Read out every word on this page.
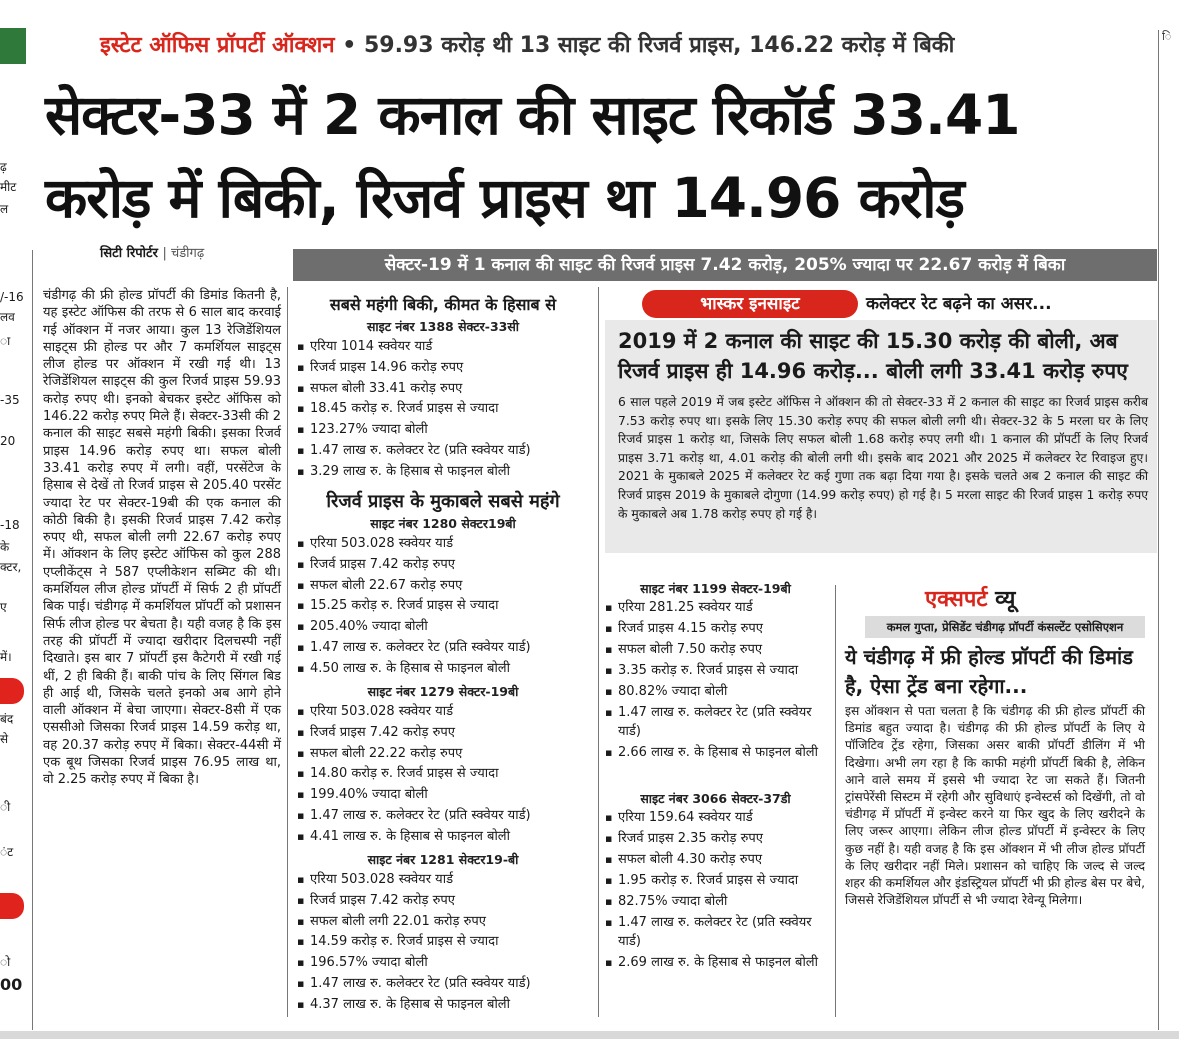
ढ़
मीट
ल
/-16
लव
ा
-35
20
-18
के
क्टर,
ए
में।
बंद
से
ी
ंट
ो
00
ि
इस्टेट ऑफिस प्रॉपर्टी ऑक्शन • 59.93 करोड़ थी 13 साइट की रिजर्व प्राइस, 146.22 करोड़ में बिकी
सेक्टर-33 में 2 कनाल की साइट रिकॉर्ड 33.41
करोड़ में बिकी, रिजर्व प्राइस था 14.96 करोड़
सिटी रिपोर्टर | चंडीगढ़
सेक्टर-19 में 1 कनाल की साइट की रिजर्व प्राइस 7.42 करोड़, 205% ज्यादा पर 22.67 करोड़ में बिका
चंडीगढ़ की फ्री होल्ड प्रॉपर्टी की डिमांड कितनी है, यह इस्टेट ऑफिस की तरफ से 6 साल बाद करवाई गई ऑक्शन में नजर आया। कुल 13 रेजिडेंशियल साइट्स फ्री होल्ड पर और 7 कमर्शियल साइट्स लीज होल्ड पर ऑक्शन में रखी गई थी। 13 रेजिडेंशियल साइट्स की कुल रिजर्व प्राइस 59.93 करोड़ रुपए थी। इनको बेचकर इस्टेट ऑफिस को 146.22 करोड़ रुपए मिले हैं। सेक्टर-33सी की 2 कनाल की साइट सबसे महंगी बिकी। इसका रिजर्व प्राइस 14.96 करोड़ रुपए था। सफल बोली 33.41 करोड़ रुपए में लगी। वहीं, परसेंटेज के हिसाब से देखें तो रिजर्व प्राइस से 205.40 परसेंट ज्यादा रेट पर सेक्टर-19बी की एक कनाल की कोठी बिकी है। इसकी रिजर्व प्राइस 7.42 करोड़ रुपए थी, सफल बोली लगी 22.67 करोड़ रुपए में। ऑक्शन के लिए इस्टेट ऑफिस को कुल 288 एप्लीकेंट्स ने 587 एप्लीकेशन सब्मिट की थी। कमर्शियल लीज होल्ड प्रॉपर्टी में सिर्फ 2 ही प्रॉपर्टी बिक पाई। चंडीगढ़ में कमर्शियल प्रॉपर्टी को प्रशासन सिर्फ लीज होल्ड पर बेचता है। यही वजह है कि इस तरह की प्रॉपर्टी में ज्यादा खरीदार दिलचस्पी नहीं दिखाते। इस बार 7 प्रॉपर्टी इस कैटेगरी में रखी गई थीं, 2 ही बिकी हैं। बाकी पांच के लिए सिंगल बिड ही आई थी, जिसके चलते इनको अब आगे होने वाली ऑक्शन में बेचा जाएगा। सेक्टर-8सी में एक एससीओ जिसका रिजर्व प्राइस 14.59 करोड़ था, वह 20.37 करोड़ रुपए में बिका। सेक्टर-44सी में एक बूथ जिसका रिजर्व प्राइस 76.95 लाख था, वो 2.25 करोड़ रुपए में बिका है।
सबसे महंगी बिकी, कीमत के हिसाब से
साइट नंबर 1388 सेक्टर-33सी
▪ एरिया 1014 स्क्वेयर यार्ड
▪ रिजर्व प्राइस 14.96 करोड़ रुपए
▪ सफल बोली 33.41 करोड़ रुपए
▪ 18.45 करोड़ रु. रिजर्व प्राइस से ज्यादा
▪ 123.27% ज्यादा बोली
▪ 1.47 लाख रु. कलेक्टर रेट (प्रति स्क्वेयर यार्ड)
▪ 3.29 लाख रु. के हिसाब से फाइनल बोली
रिजर्व प्राइस के मुकाबले सबसे महंगे
साइट नंबर 1280 सेक्टर19बी
▪ एरिया 503.028 स्क्वेयर यार्ड
▪ रिजर्व प्राइस 7.42 करोड़ रुपए
▪ सफल बोली 22.67 करोड़ रुपए
▪ 15.25 करोड़ रु. रिजर्व प्राइस से ज्यादा
▪ 205.40% ज्यादा बोली
▪ 1.47 लाख रु. कलेक्टर रेट (प्रति स्क्वेयर यार्ड)
▪ 4.50 लाख रु. के हिसाब से फाइनल बोली
साइट नंबर 1279 सेक्टर-19बी
▪ एरिया 503.028 स्क्वेयर यार्ड
▪ रिजर्व प्राइस 7.42 करोड़ रुपए
▪ सफल बोली 22.22 करोड़ रुपए
▪ 14.80 करोड़ रु. रिजर्व प्राइस से ज्यादा
▪ 199.40% ज्यादा बोली
▪ 1.47 लाख रु. कलेक्टर रेट (प्रति स्क्वेयर यार्ड)
▪ 4.41 लाख रु. के हिसाब से फाइनल बोली
साइट नंबर 1281 सेक्टर19-बी
▪ एरिया 503.028 स्क्वेयर यार्ड
▪ रिजर्व प्राइस 7.42 करोड़ रुपए
▪ सफल बोली लगी 22.01 करोड़ रुपए
▪ 14.59 करोड़ रु. रिजर्व प्राइस से ज्यादा
▪ 196.57% ज्यादा बोली
▪ 1.47 लाख रु. कलेक्टर रेट (प्रति स्क्वेयर यार्ड)
▪ 4.37 लाख रु. के हिसाब से फाइनल बोली
भास्कर इनसाइट	कलेक्टर रेट बढ़ने का असर...
2019 में 2 कनाल की साइट की 15.30 करोड़ की बोली, अब रिजर्व प्राइस ही 14.96 करोड़... बोली लगी 33.41 करोड़ रुपए
6 साल पहले 2019 में जब इस्टेट ऑफिस ने ऑक्शन की तो सेक्टर-33 में 2 कनाल की साइट का रिजर्व प्राइस करीब 7.53 करोड़ रुपए था। इसके लिए 15.30 करोड़ रुपए की सफल बोली लगी थी। सेक्टर-32 के 5 मरला घर के लिए रिजर्व प्राइस 1 करोड़ था, जिसके लिए सफल बोली 1.68 करोड़ रुपए लगी थी। 1 कनाल की प्रॉपर्टी के लिए रिजर्व प्राइस 3.71 करोड़ था, 4.01 करोड़ की बोली लगी थी। इसके बाद 2021 और 2025 में कलेक्टर रेट रिवाइज हुए। 2021 के मुकाबले 2025 में कलेक्टर रेट कई गुणा तक बढ़ा दिया गया है। इसके चलते अब 2 कनाल की साइट की रिजर्व प्राइस 2019 के मुकाबले दोगुणा (14.99 करोड़ रुपए) हो गई है। 5 मरला साइट की रिजर्व प्राइस 1 करोड़ रुपए के मुकाबले अब 1.78 करोड़ रुपए हो गई है।
साइट नंबर 1199 सेक्टर-19बी
▪ एरिया 281.25 स्क्वेयर यार्ड
▪ रिजर्व प्राइस 4.15 करोड़ रुपए
▪ सफल बोली 7.50 करोड़ रुपए
▪ 3.35 करोड़ रु. रिजर्व प्राइस से ज्यादा
▪ 80.82% ज्यादा बोली
▪ 1.47 लाख रु. कलेक्टर रेट (प्रति स्क्वेयर यार्ड)
▪ 2.66 लाख रु. के हिसाब से फाइनल बोली
साइट नंबर 3066 सेक्टर-37डी
▪ एरिया 159.64 स्क्वेयर यार्ड
▪ रिजर्व प्राइस 2.35 करोड़ रुपए
▪ सफल बोली 4.30 करोड़ रुपए
▪ 1.95 करोड़ रु. रिजर्व प्राइस से ज्यादा
▪ 82.75% ज्यादा बोली
▪ 1.47 लाख रु. कलेक्टर रेट (प्रति स्क्वेयर यार्ड)
▪ 2.69 लाख रु. के हिसाब से फाइनल बोली
एक्सपर्ट व्यू
कमल गुप्ता, प्रेसिडेंट चंडीगढ़ प्रॉपर्टी कंसल्टेंट एसोसिएशन
ये चंडीगढ़ में फ्री होल्ड प्रॉपर्टी की डिमांड है, ऐसा ट्रेंड बना रहेगा...
इस ऑक्शन से पता चलता है कि चंडीगढ़ की फ्री होल्ड प्रॉपर्टी की डिमांड बहुत ज्यादा है। चंडीगढ़ की फ्री होल्ड प्रॉपर्टी के लिए ये पॉजिटिव ट्रेंड रहेगा, जिसका असर बाकी प्रॉपर्टी डीलिंग में भी दिखेगा। अभी लग रहा है कि काफी महंगी प्रॉपर्टी बिकी है, लेकिन आने वाले समय में इससे भी ज्यादा रेट जा सकते हैं। जितनी ट्रांसपेरेंसी सिस्टम में रहेगी और सुविधाएं इन्वेस्टर्स को दिखेंगी, तो वो चंडीगढ़ में प्रॉपर्टी में इन्वेस्ट करने या फिर खुद के लिए खरीदने के लिए जरूर आएगा। लेकिन लीज होल्ड प्रॉपर्टी में इन्वेस्टर के लिए कुछ नहीं है। यही वजह है कि इस ऑक्शन में भी लीज होल्ड प्रॉपर्टी के लिए खरीदार नहीं मिले। प्रशासन को चाहिए कि जल्द से जल्द शहर की कमर्शियल और इंडस्ट्रियल प्रॉपर्टी भी फ्री होल्ड बेस पर बेचे, जिससे रेजिडेंशियल प्रॉपर्टी से भी ज्यादा रेवेन्यू मिलेगा।
